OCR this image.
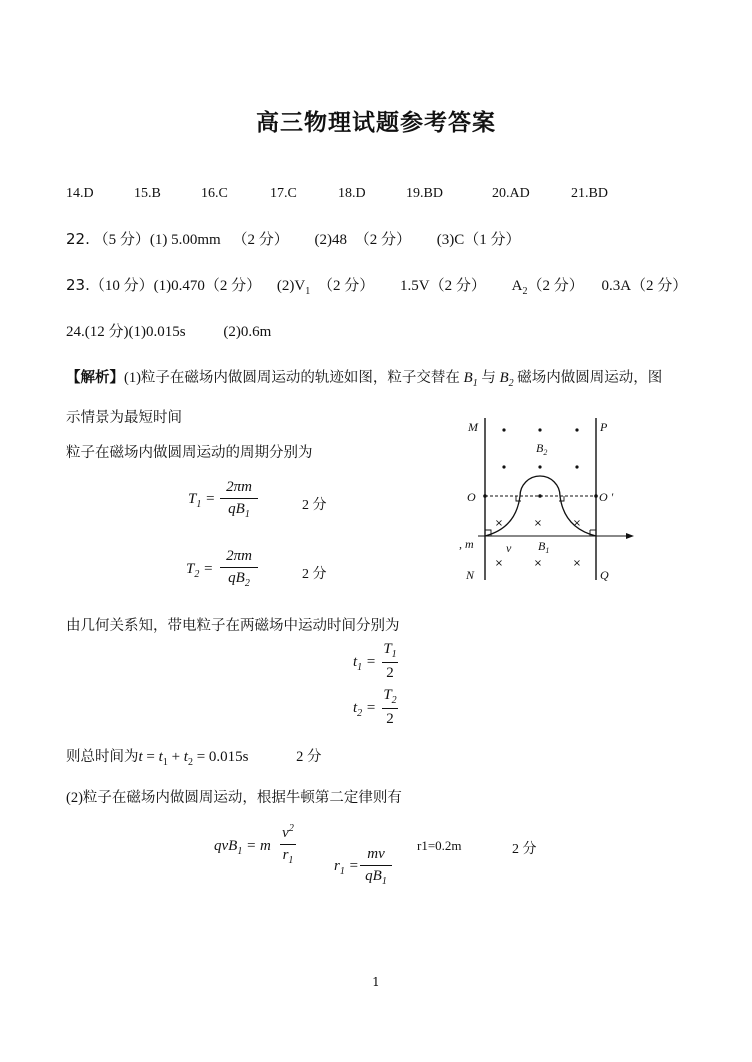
高三物理试题参考答案
14.D	15.B	16.C	17.C	18.D	19.BD	20.AD	21.BD
22. （5 分）(1) 5.00mm （2 分） (2)48 （2 分） (3)C（1 分）
23.（10 分）(1)0.470（2 分） $(2)V_1$ （2 分） 1.5V（2 分） $A_2(2$ 分） 0.3A（2 分）
24.(12 分)(1)0.015s	(2)0.6m
【解析】(1)粒子在磁场内做圆周运动的轨迹如图，粒子交替在 $B_1$ 与 $B_2$ 磁场内做圆周运动，图
示情景为最短时间
粒子在磁场内做圆周运动的周期分别为
$T_1$ =
2πm
$qB_1$
2 分
$T_2$ =
2πm
$qB_2$
2 分
由几何关系知，带电粒子在两磁场中运动时间分别为
$t_1$ =
$T_1$
2
$t_2$ =
$T_2$
2
则总时间为$t = t_1 + t_2 = 0.015s$	2 分
(2)粒子在磁场内做圆周运动，根据牛顿第二定律则有
qvB$_1$ = m
$v^2$
$r_1$	$r_1$ =
mv
$qB_1$
r1=0.2m	2 分
×	×	×
×	×	×
M	P
O	O ′
N	Q
, m	v
$B_2$
$B_1$
1
